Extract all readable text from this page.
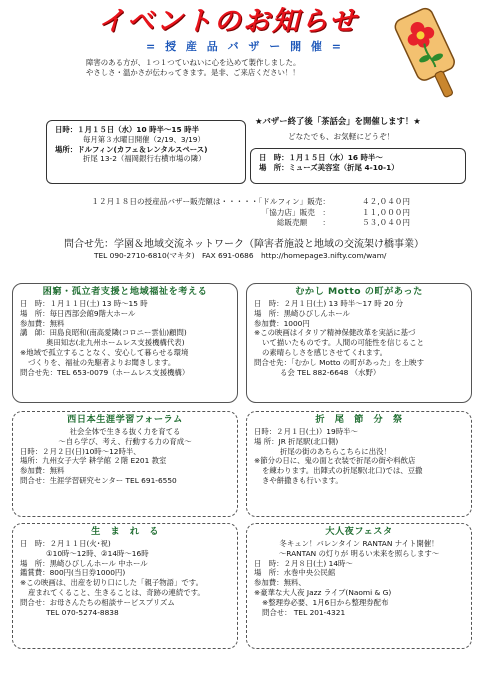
イベントのお知らせ
= 授 産 品 バ ザ ー 開 催 =
障害のある方が、１つ１つていねいに心を込めて製作しました。
やさしさ・温かさが伝わってきます。是非、ご来店ください！！
日時：１月１５日（水）10 時半～15 時半
毎月第３水曜日開催（2/19、3/19）
場所：ドルフィン(カフェ＆レンタルスペース)
折尾 13-2（福岡銀行右横市場の隣）
★バザー終了後「茶話会」を開催します！★
どなたでも、お気軽にどうぞ！
日　時：１月１５日（水）16 時半～
場　所：ミューズ美容室（折尾 4-10-1）
１２月１８日の授産品バザー販売額は・・・・・「ドルフィン」販売：	４２,０４０円
「協力店」販売　：	１１,０００円
総販売額　　：	５３,０４０円
問合せ先：学園＆地域交流ネットワーク（障害者施設と地域の交流架け橋事業）
TEL 090-2710-6810(マキタ)　FAX 691-0686　http://homepage3.nifty.com/wam/
困窮・孤立者支援と地域福祉を考える
日　時：１月１１日(土) 13 時～15 時
場　所：毎日西部会館9階大ホール
参加費：無料
講　師：田島良昭和(南高愛隣(コロニー雲仙)顧問)
奥田知志(北九州ホームレス支援機構代表)
※地域で孤立することなく、安心して暮らせる環境
づくりを、福祉の先駆者よりお聞きします。
問合せ先：TEL 653-0079（ホームレス支援機構）
むかし Motto の町があった
日　時：２月１日(土) 13 時半～17 時 20 分
場　所：黒崎ひびしんホール
参加費：1000円
※この映画はイタリア精神保健改革を実話に基づ
いて描いたものです。人間の可能性を信じること
の素晴らしさを感じさせてくれます。
問合せ先：「むかし Motto の町があった」を上映す
る会 TEL 882-6648 （水野）
西日本生涯学習フォーラム
社会全体で生きる抜く力を育てる
～自ら学び、考え、行動する力の育成～
日時：２月２日(日)10時～12時半、
場所：九州女子大学 耕学館 ２階 E201 教室
参加費：無料
問合せ：生涯学習研究センター TEL 691-6550
折　尾　節　分　祭
日時：２月１日(土)）19時半～
場 所：JR 折尾駅(北口側)
折尾の街のあちらこちらに出没！
※節分の日に、鬼の面と衣装で折尾の街や料飲店
を練わります。出陣式の折尾駅(北口)では、豆撒
きや餅撒きも行います。
生　ま　れ　る
日　時：２月１１日(火･祝)
①10時～12時、②14時～16時
場　所：黒崎ひびしんホール 中ホール
鑑賞費：800円(当日券1000円)
※この映画は、出産を切り口にした「親子物語」です。
産まれてくること、生きることは、奇跡の連続です。
問合せ：お母さんたちの相談サービスプリズム
TEL 070-5274-8838
大人夜フェスタ
冬キュン！バレンタイン RANTAN ナイト開催！
～RANTAN の灯りが 明るい未来を照らします～
日　時：２月８日(土) 14時～
場　所：水巻中央公民館
参加費：無料、
※豪華な大人夜 Jazz ライブ(Naomi & G)
※整理券必要、1月6日から整理券配布
問合せ： TEL 201-4321
